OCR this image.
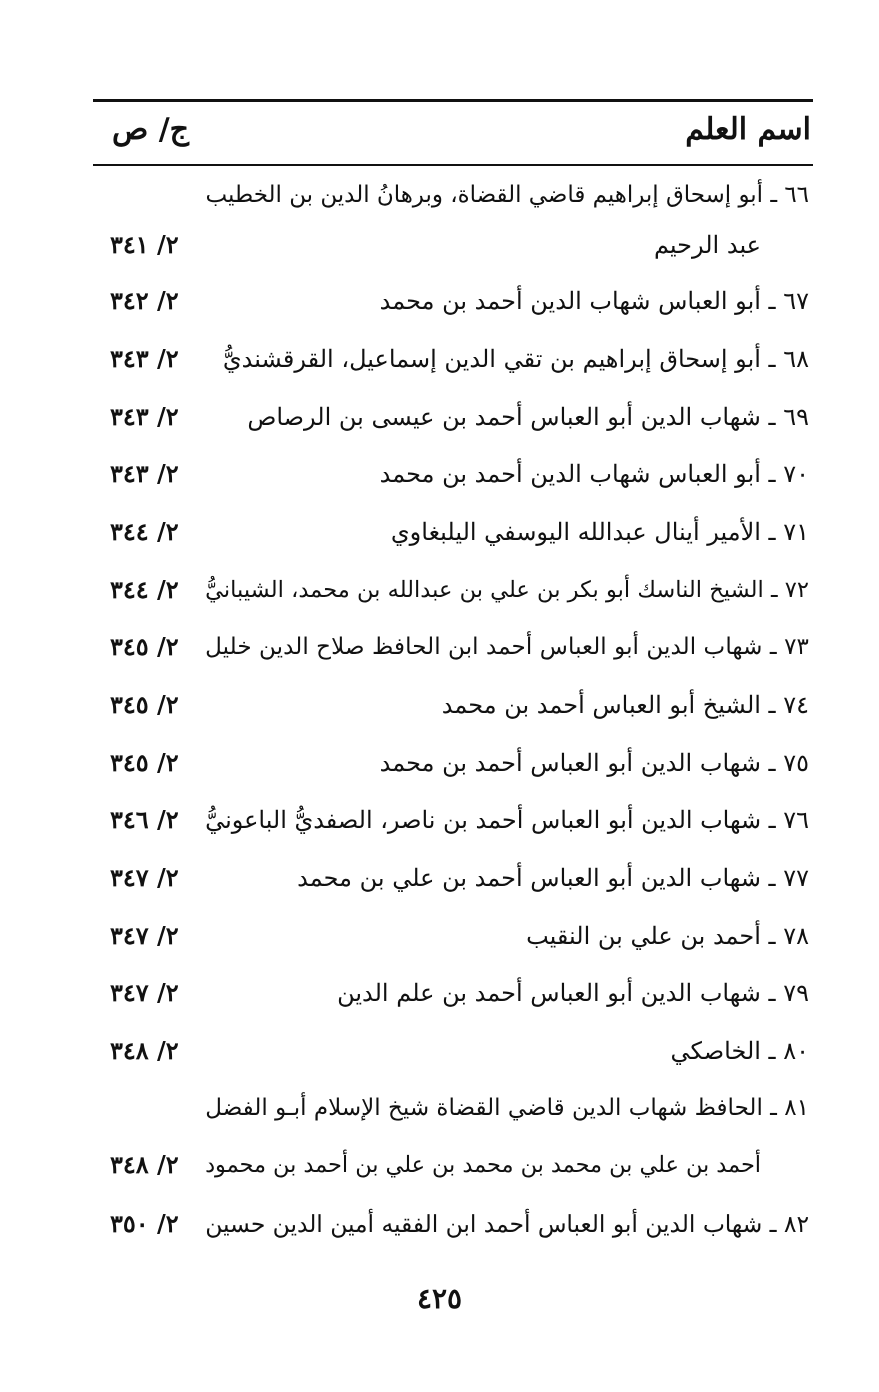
اسم العلم
ج/ ص
٦٦ ـ أبو إسحاق إبراهيم قاضي القضاة، وبرهانُ الدين بن الخطيب
عبد الرحيم
٢/ ٣٤١
٦٧ ـ أبو العباس شهاب الدين أحمد بن محمد
٢/ ٣٤٢
٦٨ ـ أبو إسحاق إبراهيم بن تقي الدين إسماعيل، القرقشنديُّ
٢/ ٣٤٣
٦٩ ـ شهاب الدين أبو العباس أحمد بن عيسى بن الرصاص
٢/ ٣٤٣
٧٠ ـ أبو العباس شهاب الدين أحمد بن محمد
٢/ ٣٤٣
٧١ ـ الأمير أينال عبدالله اليوسفي اليلبغاوي
٢/ ٣٤٤
٧٢ ـ الشيخ الناسك أبو بكر بن علي بن عبدالله بن محمد، الشيبانيُّ
٢/ ٣٤٤
٧٣ ـ شهاب الدين أبو العباس أحمد ابن الحافظ صلاح الدين خليل
٢/ ٣٤٥
٧٤ ـ الشيخ أبو العباس أحمد بن محمد
٢/ ٣٤٥
٧٥ ـ شهاب الدين أبو العباس أحمد بن محمد
٢/ ٣٤٥
٧٦ ـ شهاب الدين أبو العباس أحمد بن ناصر، الصفديُّ الباعونيُّ
٢/ ٣٤٦
٧٧ ـ شهاب الدين أبو العباس أحمد بن علي بن محمد
٢/ ٣٤٧
٧٨ ـ أحمد بن علي بن النقيب
٢/ ٣٤٧
٧٩ ـ شهاب الدين أبو العباس أحمد بن علم الدين
٢/ ٣٤٧
٨٠ ـ الخاصكي
٢/ ٣٤٨
٨١ ـ الحافظ شهاب الدين قاضي القضاة شيخ الإسلام أبـو الفضل
أحمد بن علي بن محمد بن محمد بن علي بن أحمد بن محمود
٢/ ٣٤٨
٨٢ ـ شهاب الدين أبو العباس أحمد ابن الفقيه أمين الدين حسين
٢/ ٣٥٠
٤٢٥
